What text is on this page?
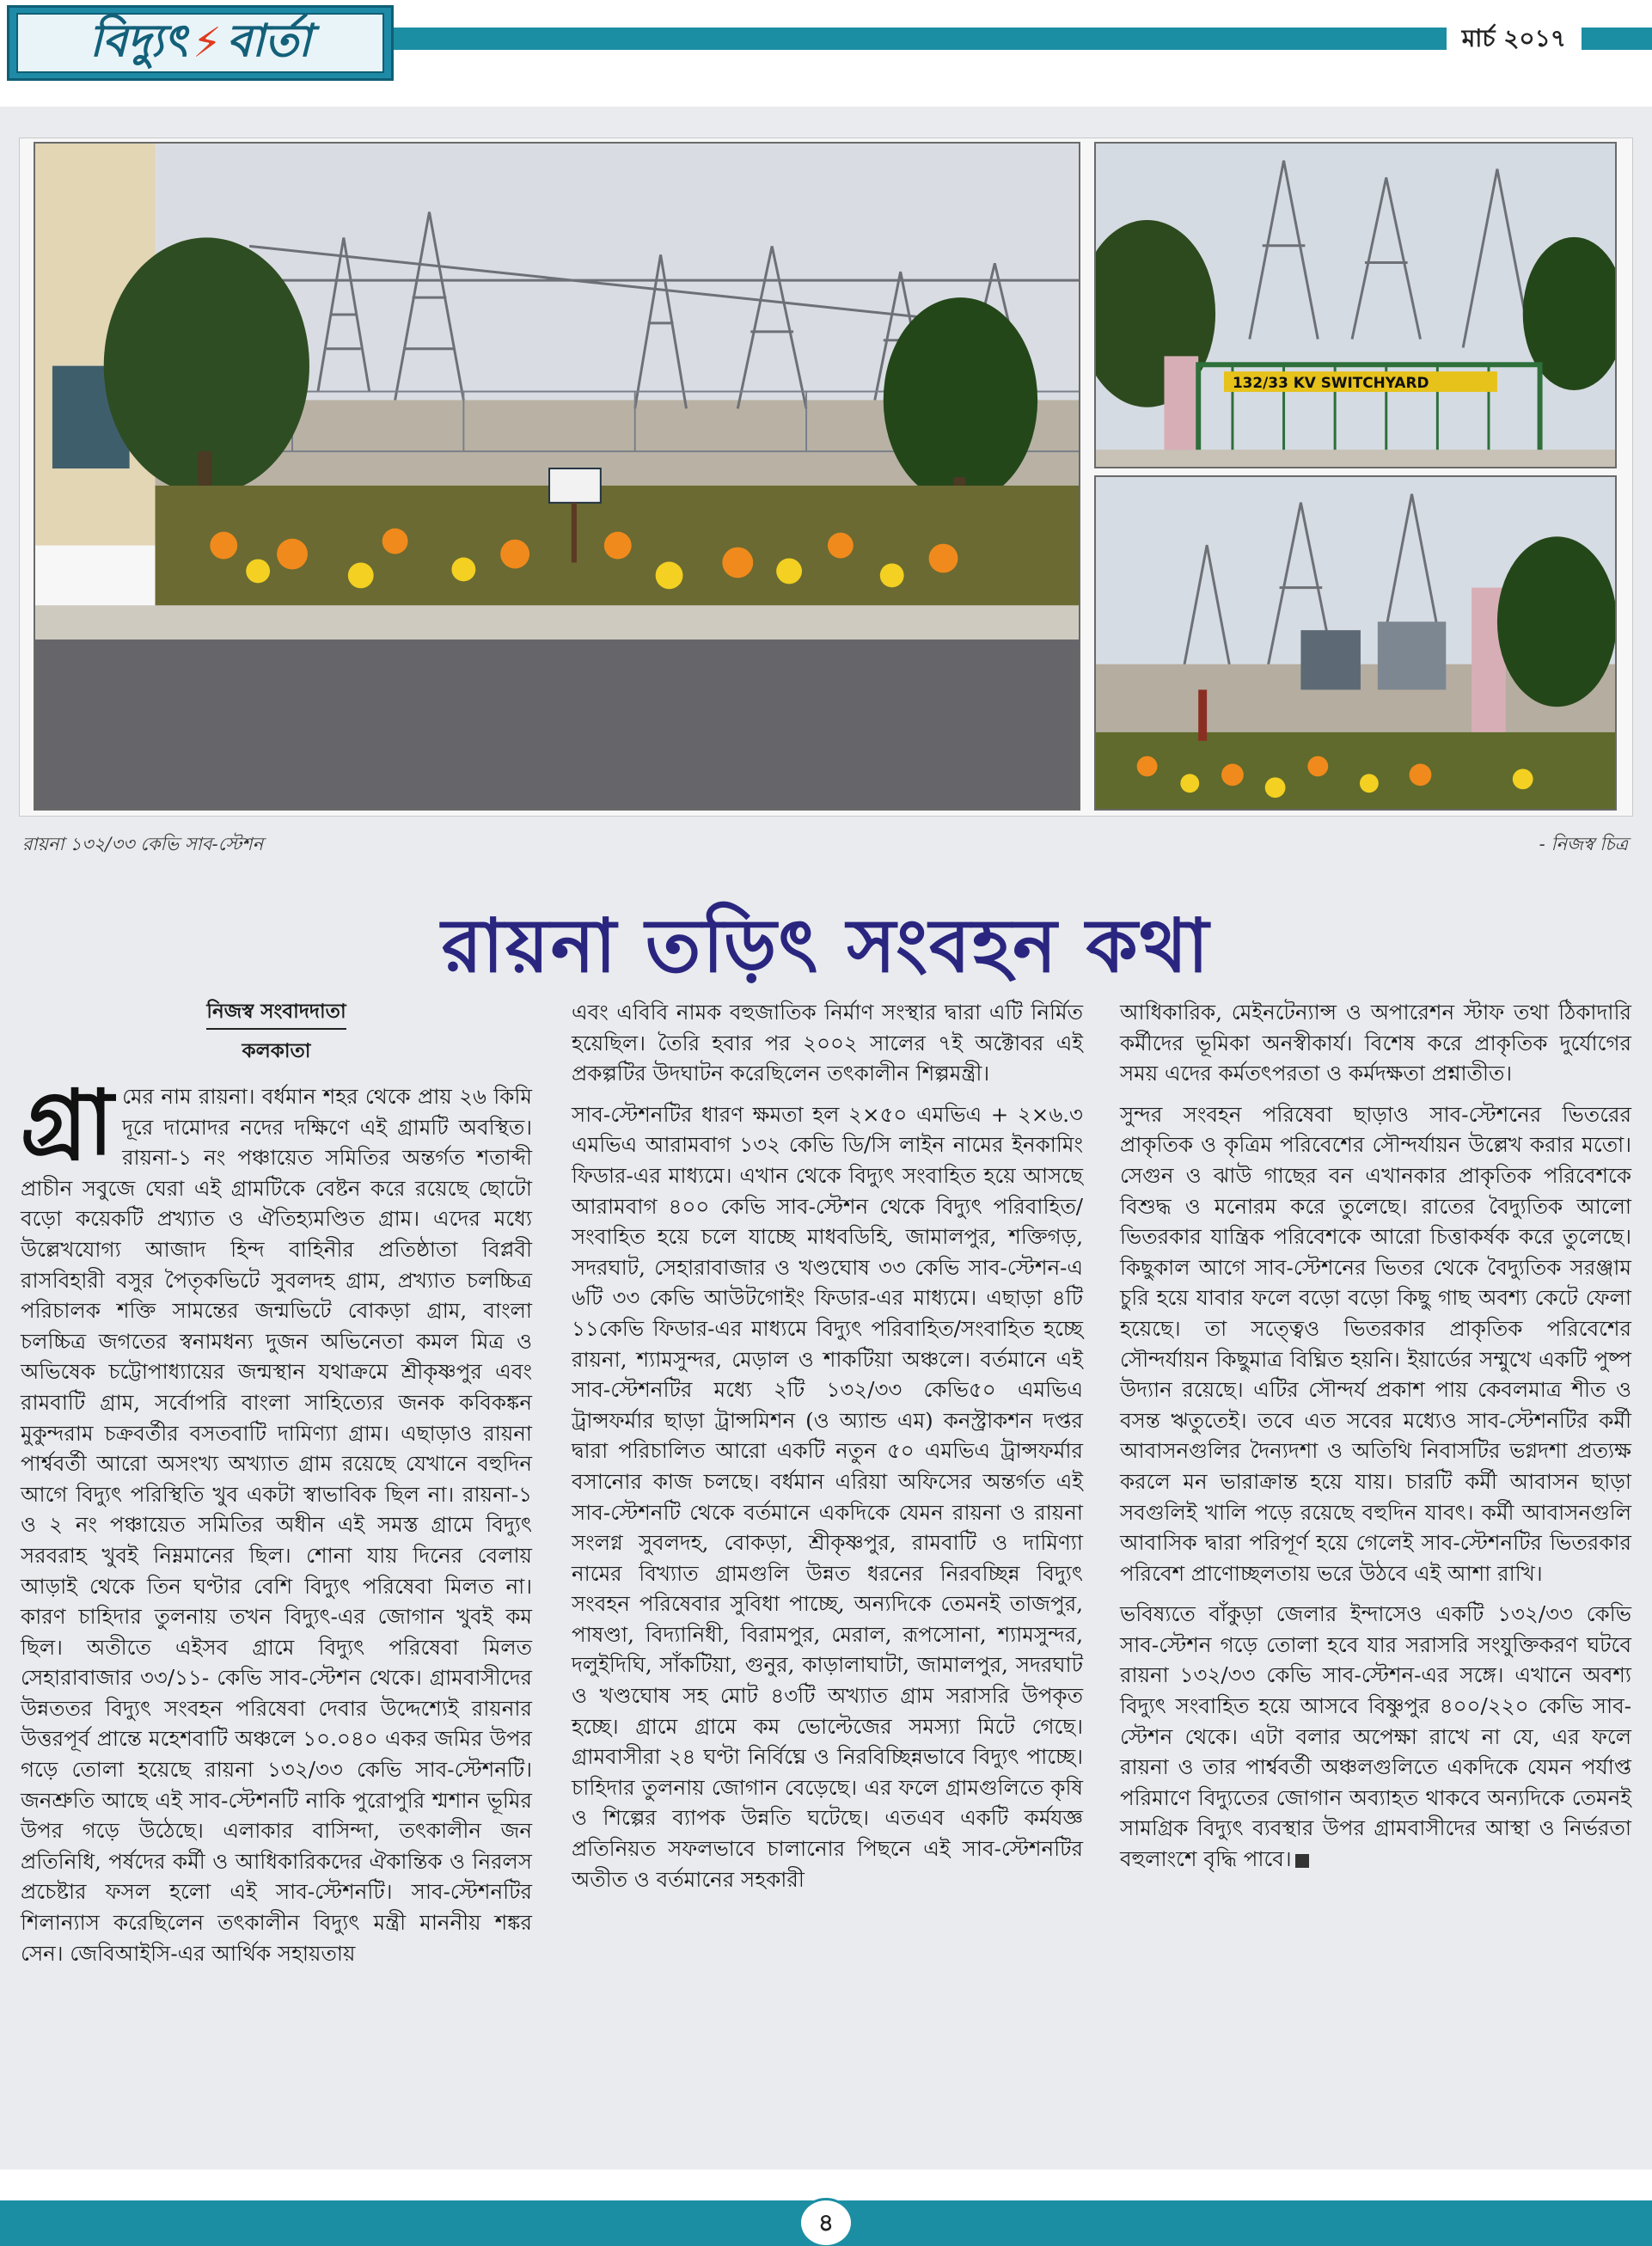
বিদ্যুৎ ⚡ বার্তা	মার্চ ২০১৭
132/33 KV SWITCHYARD
রায়না ১৩২/৩৩ কেভি সাব-স্টেশন	- নিজস্ব চিত্র
রায়না তড়িৎ সংবহন কথা
নিজস্ব সংবাদদাতা
কলকাতা

গ্রা মের নাম রায়না। বর্ধমান শহর থেকে প্রায় ২৬ কিমি দূরে দামোদর নদের দক্ষিণে এই গ্রামটি অবস্থিত। রায়না-১ নং পঞ্চায়েত সমিতির অন্তর্গত শতাব্দী প্রাচীন সবুজে ঘেরা এই গ্রামটিকে বেষ্টন করে রয়েছে ছোটো বড়ো কয়েকটি প্রখ্যাত ও ঐতিহ্যমণ্ডিত গ্রাম। এদের মধ্যে উল্লেখযোগ্য আজাদ হিন্দ বাহিনীর প্রতিষ্ঠাতা বিপ্লবী রাসবিহারী বসুর পৈতৃকভিটে সুবলদহ গ্রাম, প্রখ্যাত চলচ্চিত্র পরিচালক শক্তি সামন্তের জন্মভিটে বোকড়া গ্রাম, বাংলা চলচ্চিত্র জগতের স্বনামধন্য দুজন অভিনেতা কমল মিত্র ও অভিষেক চট্টোপাধ্যায়ের জন্মস্থান যথাক্রমে শ্রীকৃষ্ণপুর এবং রামবাটি গ্রাম, সর্বোপরি বাংলা সাহিত্যের জনক কবিকঙ্কন মুকুন্দরাম চক্রবর্তীর বসতবাটি দামিণ্যা গ্রাম। এছাড়াও রায়না পার্শ্ববর্তী আরো অসংখ্য অখ্যাত গ্রাম রয়েছে যেখানে বহুদিন আগে বিদ্যুৎ পরিস্থিতি খুব একটা স্বাভাবিক ছিল না। রায়না-১ ও ২ নং পঞ্চায়েত সমিতির অধীন এই সমস্ত গ্রামে বিদ্যুৎ সরবরাহ খুবই নিম্নমানের ছিল। শোনা যায় দিনের বেলায় আড়াই থেকে তিন ঘণ্টার বেশি বিদ্যুৎ পরিষেবা মিলত না। কারণ চাহিদার তুলনায় তখন বিদ্যুৎ-এর জোগান খুবই কম ছিল। অতীতে এইসব গ্রামে বিদ্যুৎ পরিষেবা মিলত সেহারাবাজার ৩৩/১১- কেভি সাব-স্টেশন থেকে। গ্রামবাসীদের উন্নততর বিদ্যুৎ সংবহন পরিষেবা দেবার উদ্দেশ্যেই রায়নার উত্তরপূর্ব প্রান্তে মহেশবাটি অঞ্চলে ১০.০৪০ একর জমির উপর গড়ে তোলা হয়েছে রায়না ১৩২/৩৩ কেভি সাব-স্টেশনটি। জনশ্রুতি আছে এই সাব-স্টেশনটি নাকি পুরোপুরি শ্মশান ভূমির উপর গড়ে উঠেছে। এলাকার বাসিন্দা, তৎকালীন জন প্রতিনিধি, পর্ষদের কর্মী ও আধিকারিকদের ঐকান্তিক ও নিরলস প্রচেষ্টার ফসল হলো এই সাব-স্টেশনটি। সাব-স্টেশনটির শিলান্যাস করেছিলেন তৎকালীন বিদ্যুৎ মন্ত্রী মাননীয় শঙ্কর সেন। জেবিআইসি-এর আর্থিক সহায়তায়

এবং এবিবি নামক বহুজাতিক নির্মাণ সংস্থার দ্বারা এটি নির্মিত হয়েছিল। তৈরি হবার পর ২০০২ সালের ৭ই অক্টোবর এই প্রকল্পটির উদঘাটন করেছিলেন তৎকালীন শিল্পমন্ত্রী।

সাব-স্টেশনটির ধারণ ক্ষমতা হল ২×৫০ এমভিএ + ২×৬.৩ এমভিএ আরামবাগ ১৩২ কেভি ডি/সি লাইন নামের ইনকামিং ফিডার-এর মাধ্যমে। এখান থেকে বিদ্যুৎ সংবাহিত হয়ে আসছে আরামবাগ ৪০০ কেভি সাব-স্টেশন থেকে বিদ্যুৎ পরিবাহিত/সংবাহিত হয়ে চলে যাচ্ছে মাধবডিহি, জামালপুর, শক্তিগড়, সদরঘাট, সেহারাবাজার ও খণ্ডঘোষ ৩৩ কেভি সাব-স্টেশন-এ ৬টি ৩৩ কেভি আউটগোইং ফিডার-এর মাধ্যমে। এছাড়া ৪টি ১১কেভি ফিডার-এর মাধ্যমে বিদ্যুৎ পরিবাহিত/সংবাহিত হচ্ছে রায়না, শ্যামসুন্দর, মেড়াল ও শাকটিয়া অঞ্চলে। বর্তমানে এই সাব-স্টেশনটির মধ্যে ২টি ১৩২/৩৩ কেভি৫০ এমভিএ ট্রান্সফর্মার ছাড়া ট্রান্সমিশন (ও অ্যান্ড এম) কনস্ট্রাকশন দপ্তর দ্বারা পরিচালিত আরো একটি নতুন ৫০ এমভিএ ট্রান্সফর্মার বসানোর কাজ চলছে। বর্ধমান এরিয়া অফিসের অন্তর্গত এই সাব-স্টেশনটি থেকে বর্তমানে একদিকে যেমন রায়না ও রায়না সংলগ্ন সুবলদহ, বোকড়া, শ্রীকৃষ্ণপুর, রামবাটি ও দামিণ্যা নামের বিখ্যাত গ্রামগুলি উন্নত ধরনের নিরবচ্ছিন্ন বিদ্যুৎ সংবহন পরিষেবার সুবিধা পাচ্ছে, অন্যদিকে তেমনই তাজপুর, পাষণ্ডা, বিদ্যানিধী, বিরামপুর, মেরাল, রূপসোনা, শ্যামসুন্দর, দলুইদিঘি, সাঁকটিয়া, গুনুর, কাড়ালাঘাটা, জামালপুর, সদরঘাট ও খণ্ডঘোষ সহ মোট ৪৩টি অখ্যাত গ্রাম সরাসরি উপকৃত হচ্ছে। গ্রামে গ্রামে কম ভোল্টেজের সমস্যা মিটে গেছে। গ্রামবাসীরা ২৪ ঘণ্টা নির্বিঘ্নে ও নিরবিচ্ছিন্নভাবে বিদ্যুৎ পাচ্ছে। চাহিদার তুলনায় জোগান বেড়েছে। এর ফলে গ্রামগুলিতে কৃষি ও শিল্পের ব্যাপক উন্নতি ঘটেছে। এতএব একটি কর্মযজ্ঞ প্রতিনিয়ত সফলভাবে চালানোর পিছনে এই সাব-স্টেশনটির অতীত ও বর্তমানের সহকারী

আধিকারিক, মেইনটেন্যান্স ও অপারেশন স্টাফ তথা ঠিকাদারি কর্মীদের ভূমিকা অনস্বীকার্য। বিশেষ করে প্রাকৃতিক দুর্যোগের সময় এদের কর্মতৎপরতা ও কর্মদক্ষতা প্রশ্নাতীত।

সুন্দর সংবহন পরিষেবা ছাড়াও সাব-স্টেশনের ভিতরের প্রাকৃতিক ও কৃত্রিম পরিবেশের সৌন্দর্যায়ন উল্লেখ করার মতো। সেগুন ও ঝাউ গাছের বন এখানকার প্রাকৃতিক পরিবেশকে বিশুদ্ধ ও মনোরম করে তুলেছে। রাতের বৈদ্যুতিক আলো ভিতরকার যান্ত্রিক পরিবেশকে আরো চিত্তাকর্ষক করে তুলেছে। কিছুকাল আগে সাব-স্টেশনের ভিতর থেকে বৈদ্যুতিক সরঞ্জাম চুরি হয়ে যাবার ফলে বড়ো বড়ো কিছু গাছ অবশ্য কেটে ফেলা হয়েছে। তা সত্ত্বেও ভিতরকার প্রাকৃতিক পরিবেশের সৌন্দর্যায়ন কিছুমাত্র বিঘ্নিত হয়নি। ইয়ার্ডের সম্মুখে একটি পুষ্প উদ্যান রয়েছে। এটির সৌন্দর্য প্রকাশ পায় কেবলমাত্র শীত ও বসন্ত ঋতুতেই। তবে এত সবের মধ্যেও সাব-স্টেশনটির কর্মী আবাসনগুলির দৈন্যদশা ও অতিথি নিবাসটির ভগ্নদশা প্রত্যক্ষ করলে মন ভারাক্রান্ত হয়ে যায়। চারটি কর্মী আবাসন ছাড়া সবগুলিই খালি পড়ে রয়েছে বহুদিন যাবৎ। কর্মী আবাসনগুলি আবাসিক দ্বারা পরিপূর্ণ হয়ে গেলেই সাব-স্টেশনটির ভিতরকার পরিবেশ প্রাণোচ্ছলতায় ভরে উঠবে এই আশা রাখি।

ভবিষ্যতে বাঁকুড়া জেলার ইন্দাসেও একটি ১৩২/৩৩ কেভি সাব-স্টেশন গড়ে তোলা হবে যার সরাসরি সংযুক্তিকরণ ঘটবে রায়না ১৩২/৩৩ কেভি সাব-স্টেশন-এর সঙ্গে। এখানে অবশ্য বিদ্যুৎ সংবাহিত হয়ে আসবে বিষ্ণুপুর ৪০০/২২০ কেভি সাব-স্টেশন থেকে। এটা বলার অপেক্ষা রাখে না যে, এর ফলে রায়না ও তার পার্শ্ববর্তী অঞ্চলগুলিতে একদিকে যেমন পর্যাপ্ত পরিমাণে বিদ্যুতের জোগান অব্যাহত থাকবে অন্যদিকে তেমনই সামগ্রিক বিদ্যুৎ ব্যবস্থার উপর গ্রামবাসীদের আস্থা ও নির্ভরতা বহুলাংশে বৃদ্ধি পাবে।

৪
